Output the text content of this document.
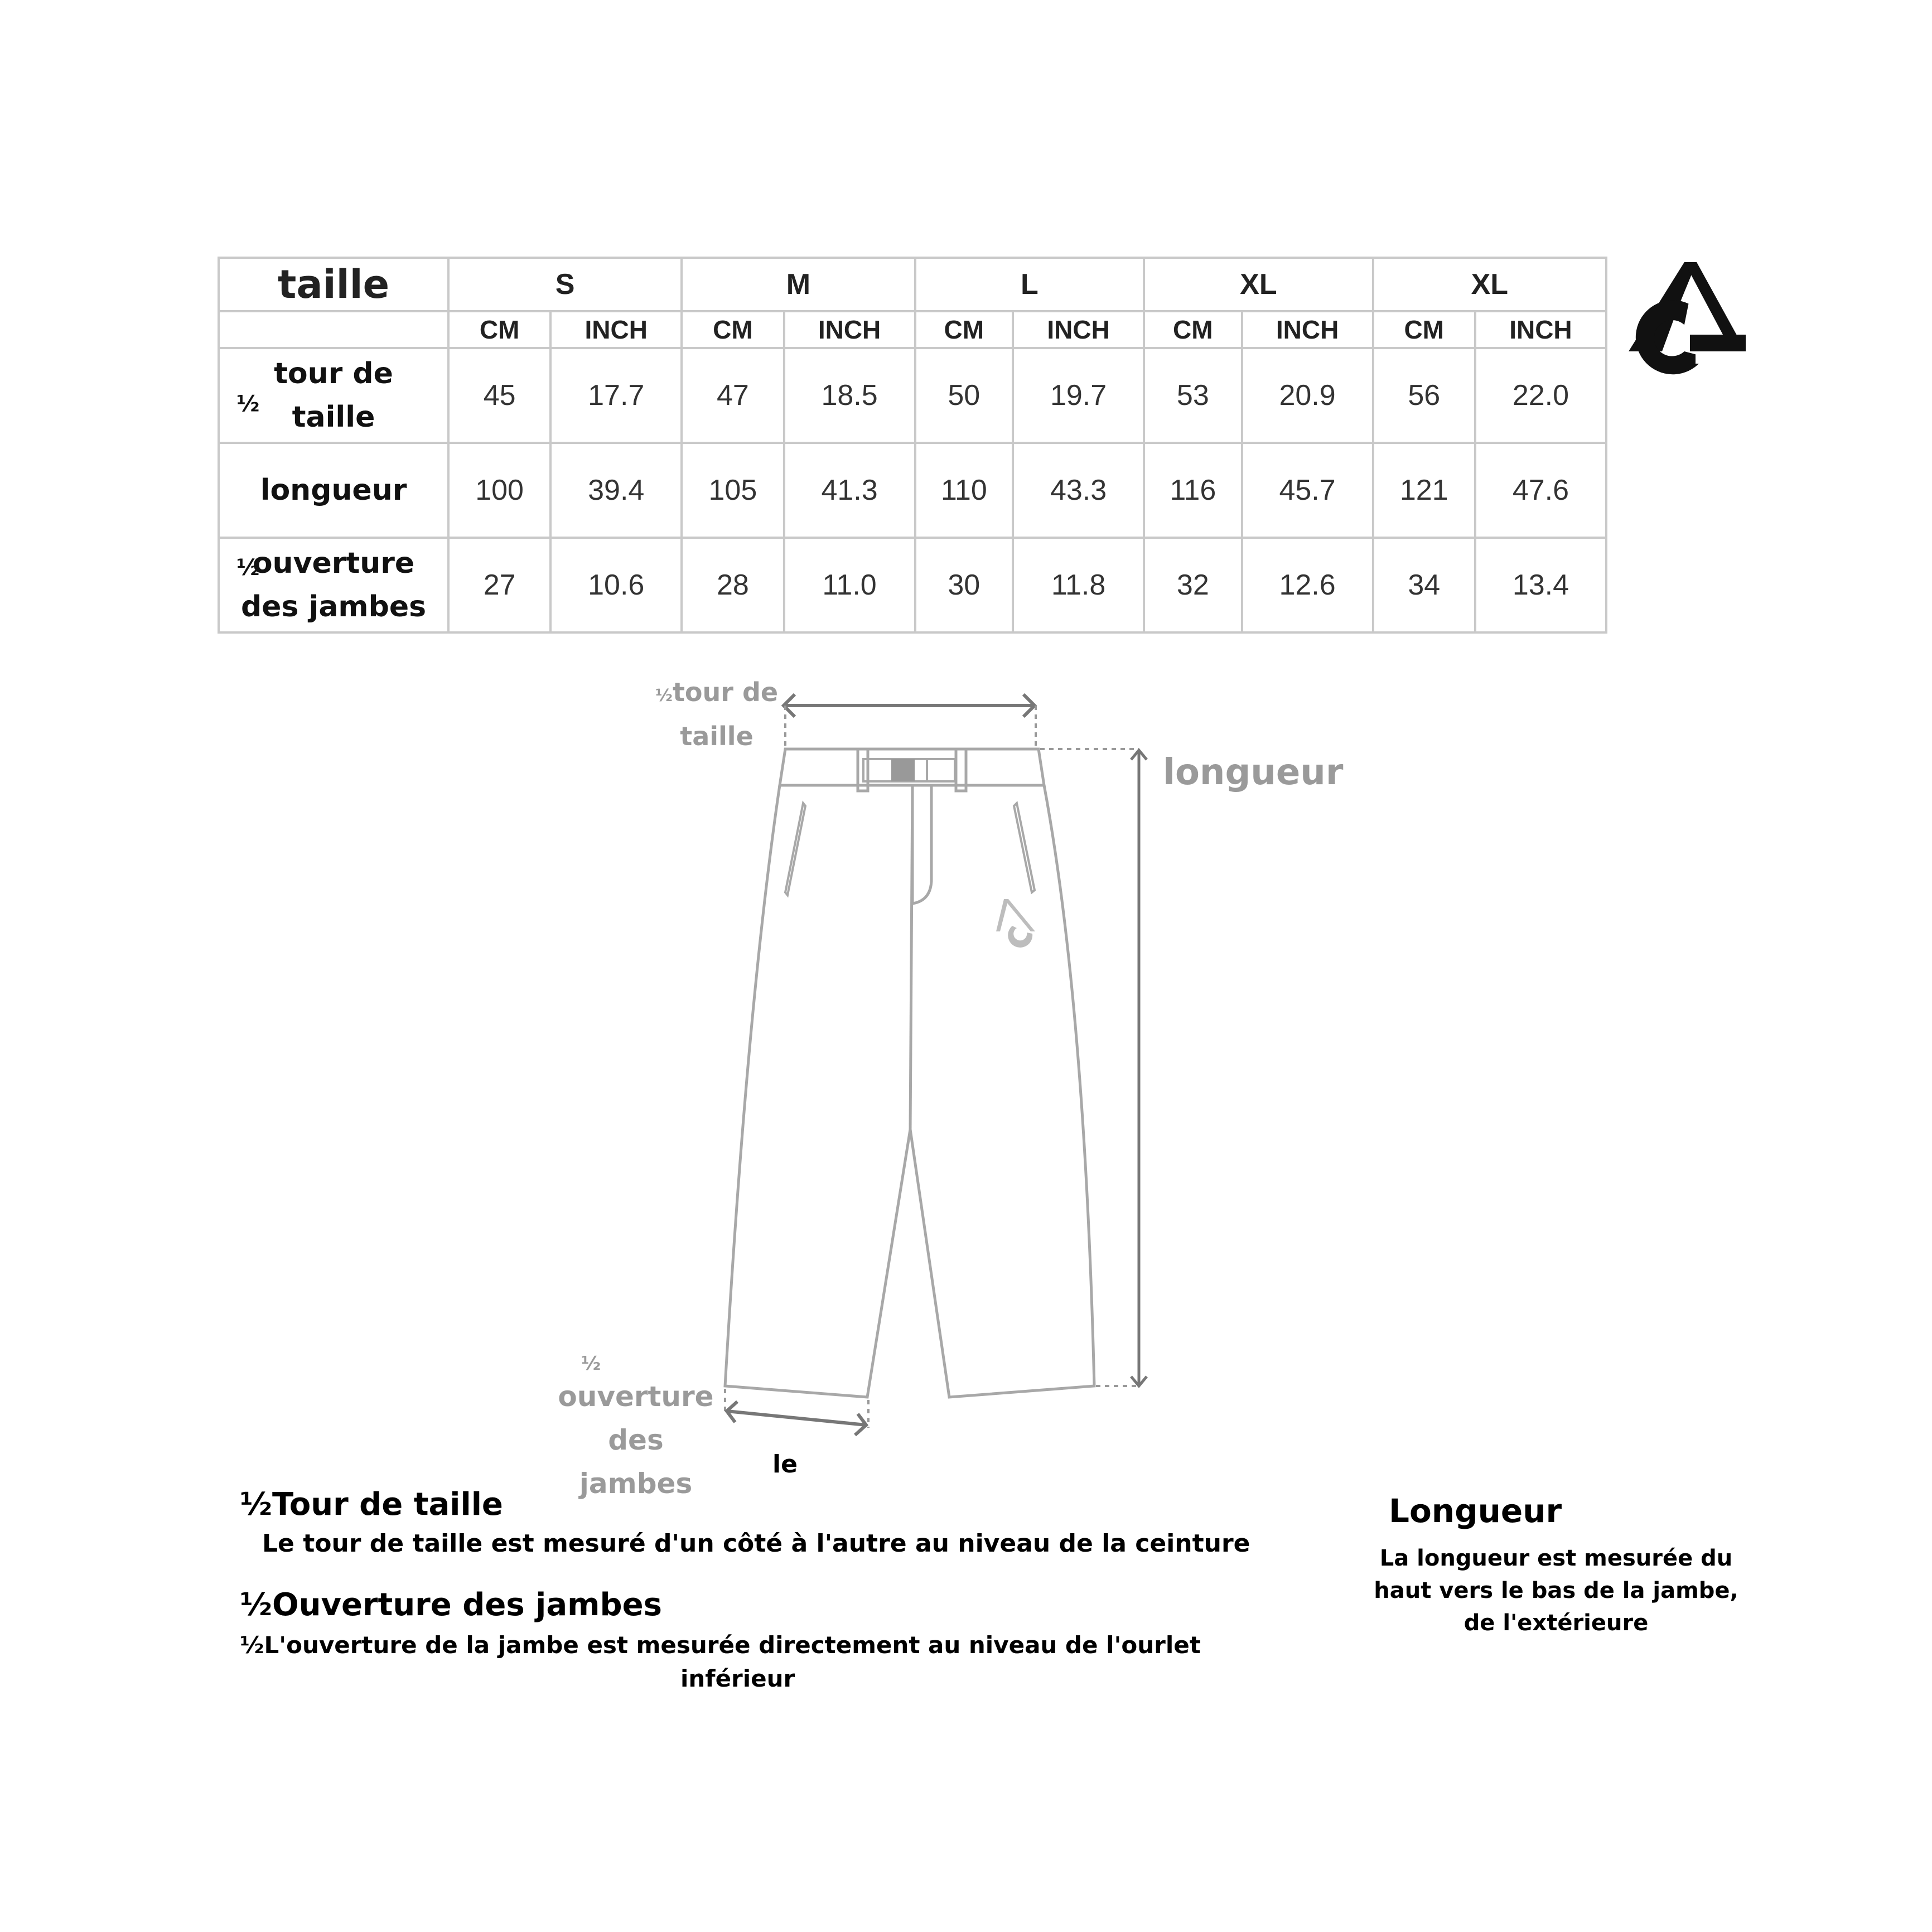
taille	S		M		L		XL		XL	
	CM	INCH	CM	INCH	CM	INCH	CM	INCH	CM	INCH

½
tour de
taille	45	17.7	47	18.5	50	19.7	53	20.9	56	22.0

longueur	100	39.4	105	41.3	110	43.3	116	45.7	121	47.6

½
ouverture
des jambes	27	10.6	28	11.0	30	11.8	32	12.6	34	13.4
½tour de
taille
longueur
½
ouverture
des
jambes
le
½Tour de taille
Le tour de taille est mesuré d'un côté à l'autre au niveau de la ceinture
½Ouverture des jambes
½L'ouverture de la jambe est mesurée directement au niveau de l'ourlet
inférieur
Longueur
La longueur est mesurée du
haut vers le bas de la jambe,
de l'extérieure
